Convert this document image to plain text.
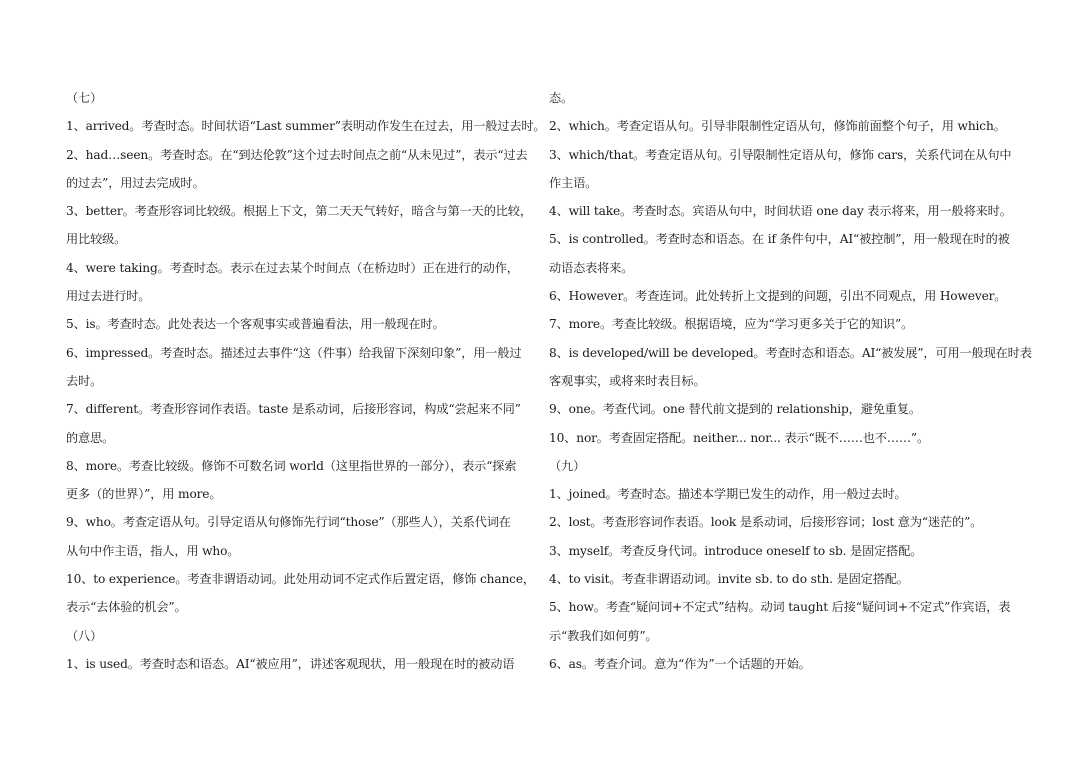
（七）
1、arrived。考查时态。时间状语“Last summer”表明动作发生在过去，用一般过去时。
2、had…seen。考查时态。在“到达伦敦”这个过去时间点之前“从未见过”，表示“过去
的过去”，用过去完成时。
3、better。考查形容词比较级。根据上下文，第二天天气转好，暗含与第一天的比较，
用比较级。
4、were taking。考查时态。表示在过去某个时间点（在桥边时）正在进行的动作，
用过去进行时。
5、is。考查时态。此处表达一个客观事实或普遍看法，用一般现在时。
6、impressed。考查时态。描述过去事件“这（件事）给我留下深刻印象”，用一般过
去时。
7、different。考查形容词作表语。taste 是系动词，后接形容词，构成“尝起来不同”
的意思。
8、more。考查比较级。修饰不可数名词 world（这里指世界的一部分），表示“探索
更多（的世界）”，用 more。
9、who。考查定语从句。引导定语从句修饰先行词“those”（那些人），关系代词在
从句中作主语，指人，用 who。
10、to experience。考查非谓语动词。此处用动词不定式作后置定语，修饰 chance，
表示“去体验的机会”。
（八）
1、is used。考查时态和语态。AI“被应用”，讲述客观现状，用一般现在时的被动语
态。
2、which。考查定语从句。引导非限制性定语从句，修饰前面整个句子，用 which。
3、which/that。考查定语从句。引导限制性定语从句，修饰 cars，关系代词在从句中
作主语。
4、will take。考查时态。宾语从句中，时间状语 one day 表示将来，用一般将来时。
5、is controlled。考查时态和语态。在 if 条件句中，AI“被控制”，用一般现在时的被
动语态表将来。
6、However。考查连词。此处转折上文提到的问题，引出不同观点，用 However。
7、more。考查比较级。根据语境，应为“学习更多关于它的知识”。
8、is developed/will be developed。考查时态和语态。AI“被发展”，可用一般现在时表
客观事实，或将来时表目标。
9、one。考查代词。one 替代前文提到的 relationship，避免重复。
10、nor。考查固定搭配。neither... nor... 表示“既不……也不……”。
（九）
1、joined。考查时态。描述本学期已发生的动作，用一般过去时。
2、lost。考查形容词作表语。look 是系动词，后接形容词；lost 意为“迷茫的”。
3、myself。考查反身代词。introduce oneself to sb. 是固定搭配。
4、to visit。考查非谓语动词。invite sb. to do sth. 是固定搭配。
5、how。考查“疑问词+不定式”结构。动词 taught 后接“疑问词+不定式”作宾语，表
示“教我们如何剪”。
6、as。考查介词。意为“作为”一个话题的开始。
